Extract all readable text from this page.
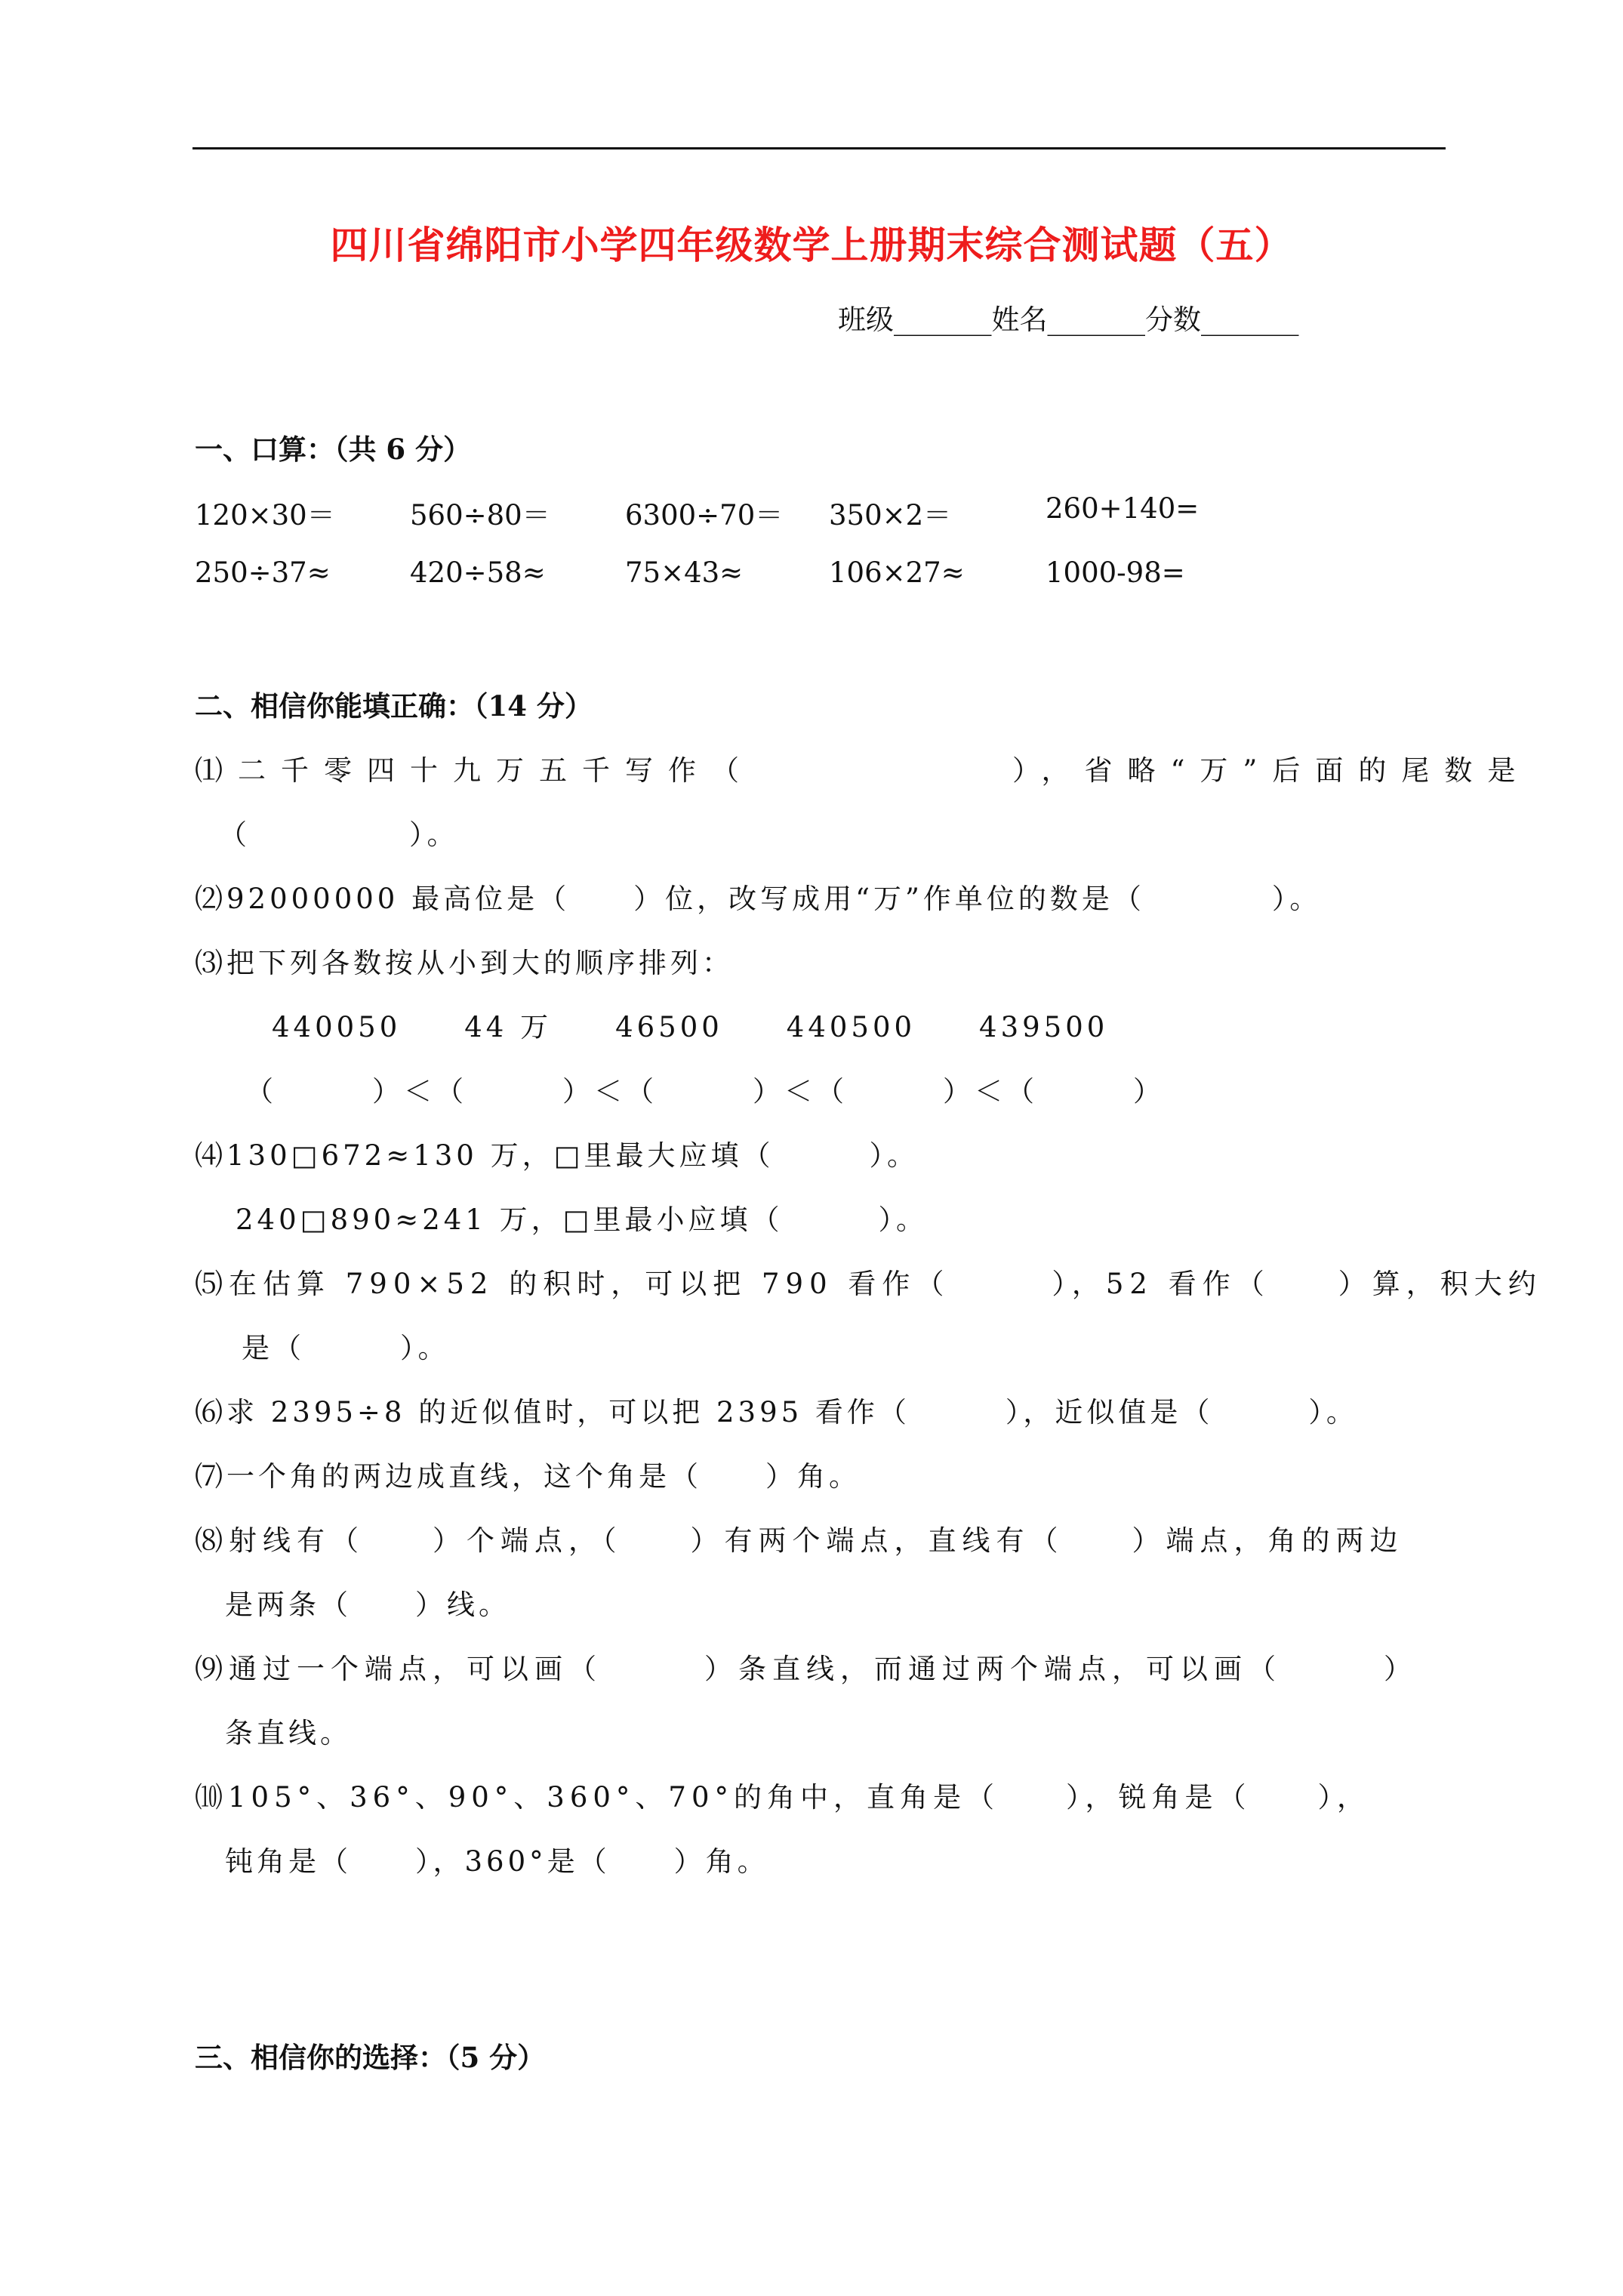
四川省绵阳市小学四年级数学上册期末综合测试题（五）
班级_______姓名_______分数_______
一、口算：（共 6 分）
120×30＝	560÷80＝	6300÷70＝ 350×2＝	260+140=
250÷37≈	420÷58≈	75×43≈	106×27≈	1000-98=
二、相信你能填正确：（14 分）
⑴二千零四十九万五千写作（　　　　　　），省略“万”后面的尾数是
（　　　　　）。
⑵92000000 最高位是（　　）位，改写成用“万”作单位的数是（　　　　）。
⑶把下列各数按从小到大的顺序排列：
440050　　44 万　　46500　　440500　　439500
（　　　）＜（　　　）＜（　　　）＜（　　　）＜（　　　）
⑷130□672≈130 万，□里最大应填（　　　）。
240□890≈241 万，□里最小应填（　　　）。
⑸在估算 790×52 的积时，可以把 790 看作（　　　），52 看作（　　）算，积大约
是（　　　）。
⑹求 2395÷8 的近似值时，可以把 2395 看作（　　　），近似值是（　　　）。
⑺一个角的两边成直线，这个角是（　　）角。
⑻射线有（　　）个端点，（　　）有两个端点，直线有（　　）端点，角的两边
是两条（　　）线。
⑼通过一个端点，可以画（　　　）条直线，而通过两个端点，可以画（　　　）
条直线。
⑽105°、36°、90°、360°、70°的角中，直角是（　　），锐角是（　　），
钝角是（　　），360°是（　　）角。
三、相信你的选择：（5 分）
